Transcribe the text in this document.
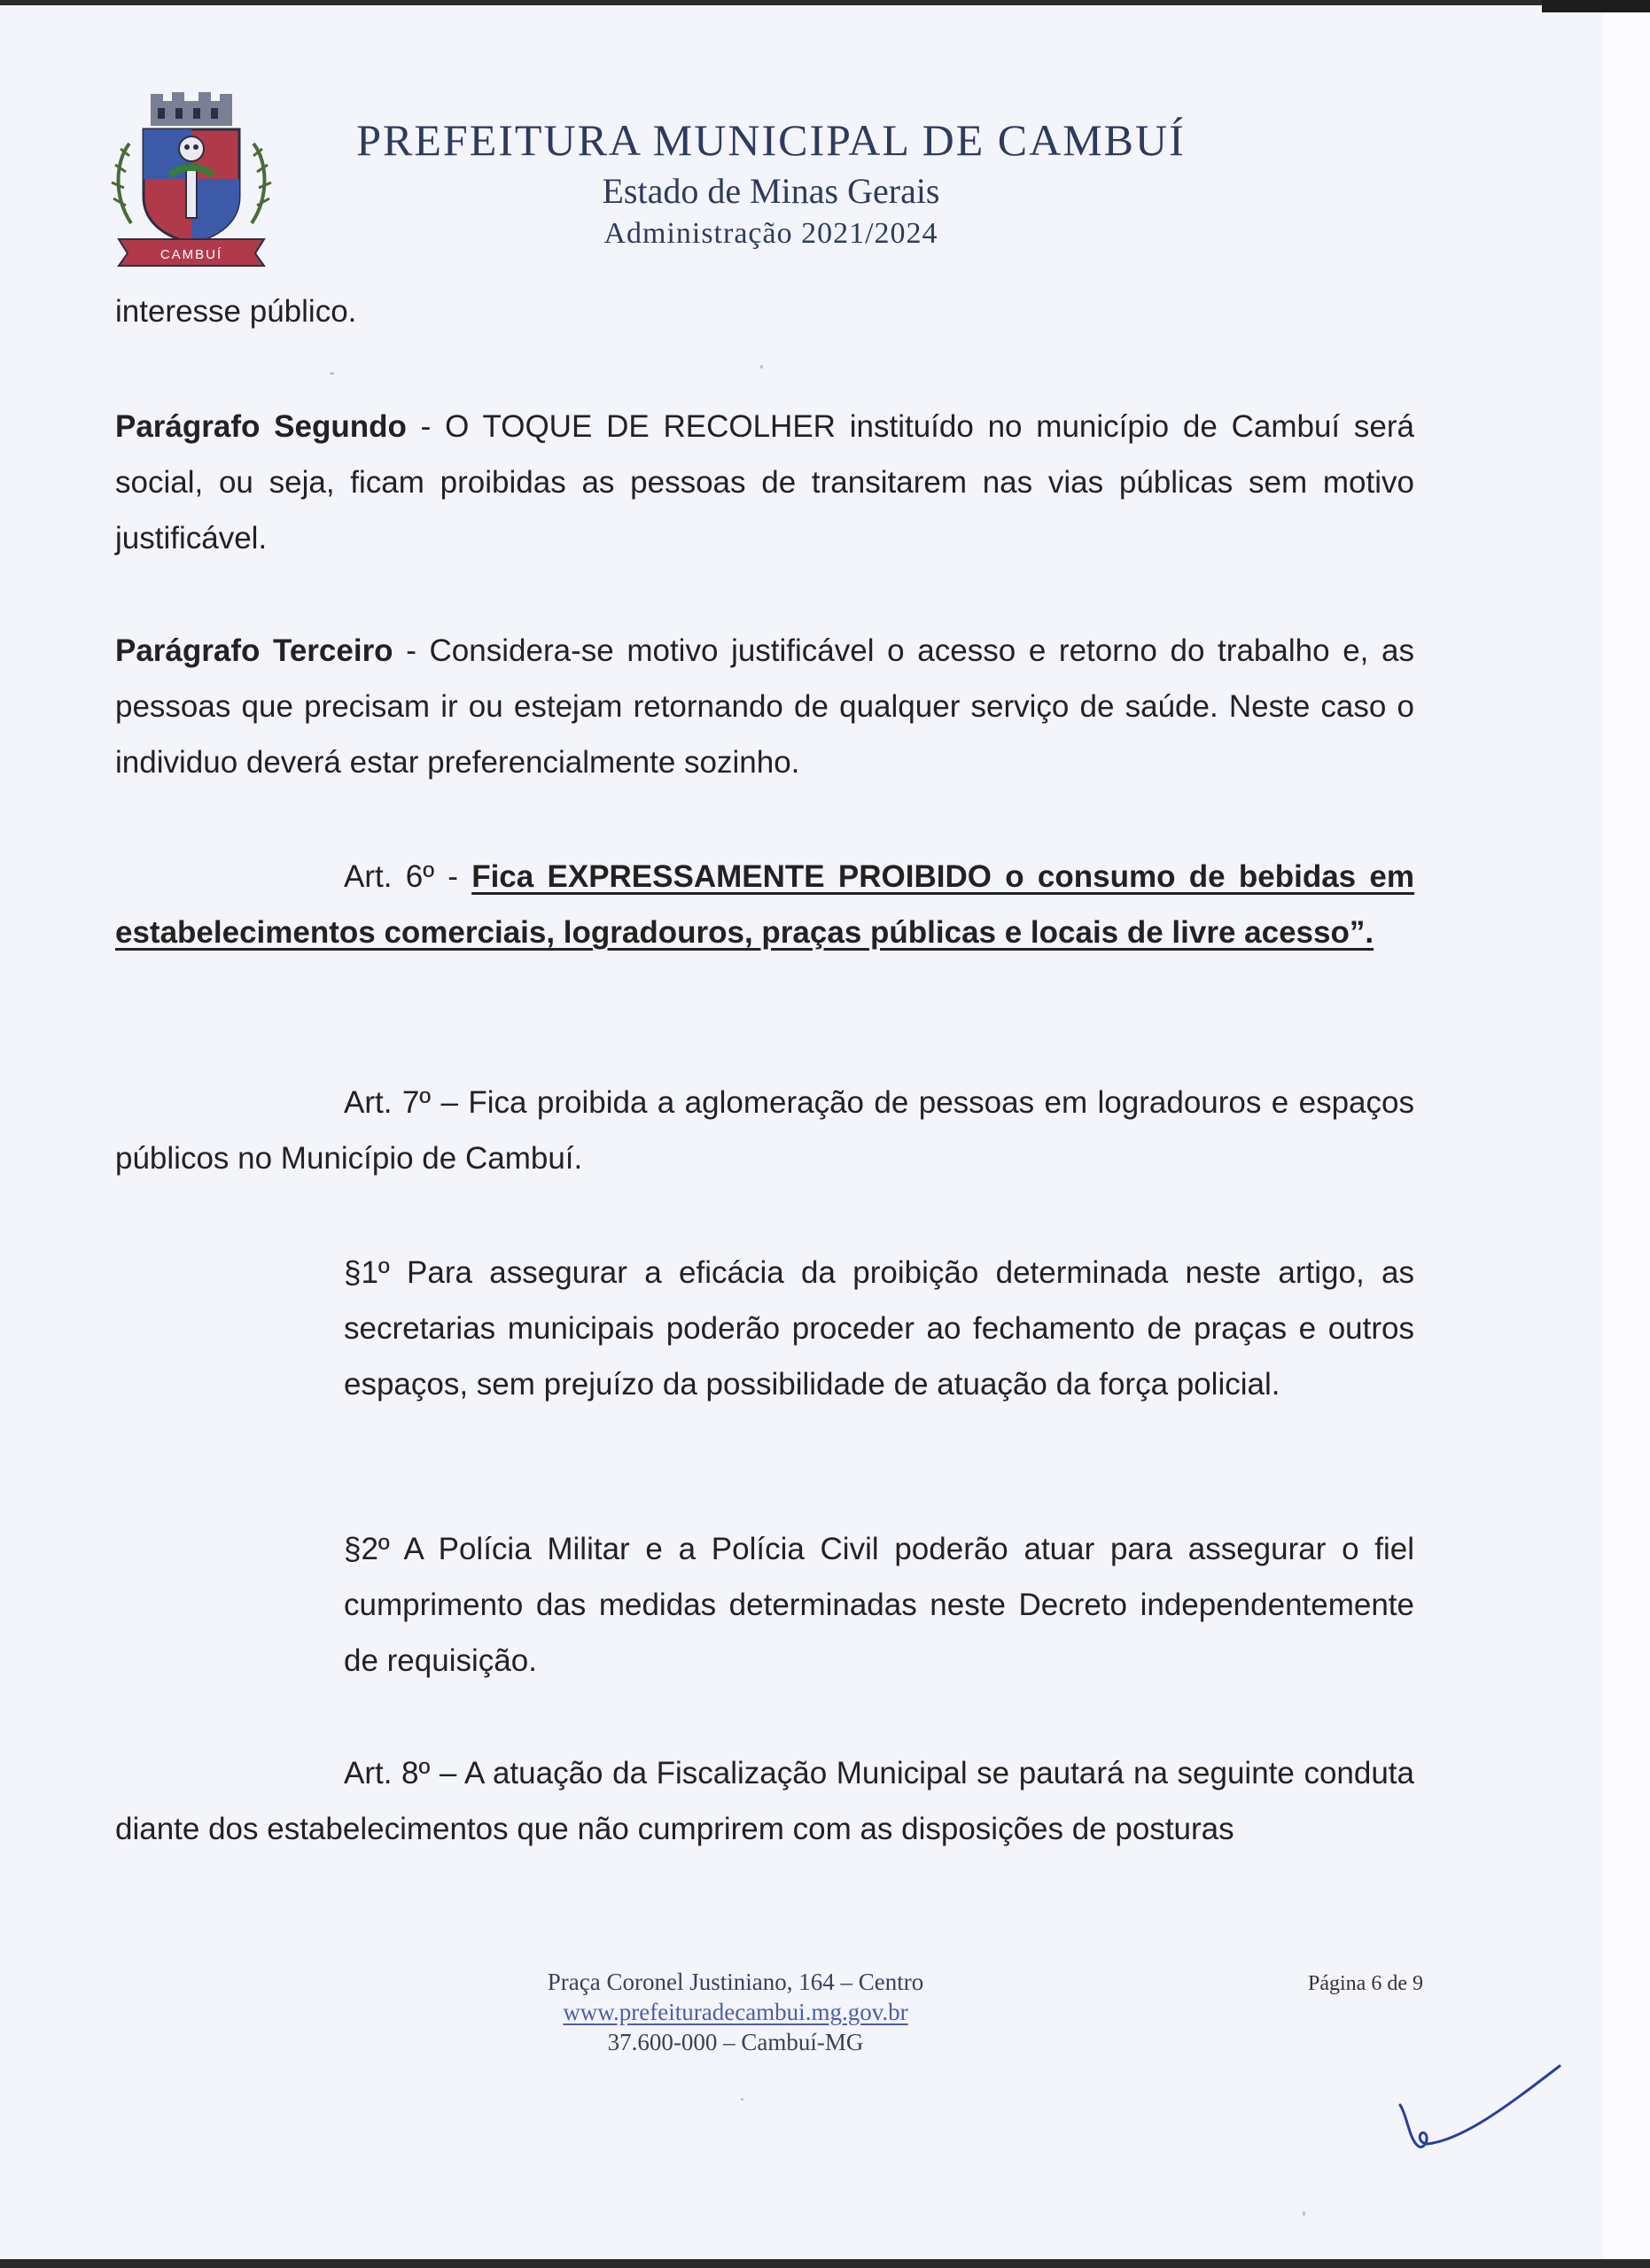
CAMBUÍ
PREFEITURA MUNICIPAL DE CAMBUÍ
Estado de Minas Gerais
Administração 2021/2024
interesse público.
Parágrafo Segundo - O TOQUE DE RECOLHER instituído no município de Cambuí será social, ou seja, ficam proibidas as pessoas de transitarem nas vias públicas sem motivo justificável.
Parágrafo Terceiro - Considera-se motivo justificável o acesso e retorno do trabalho e, as pessoas que precisam ir ou estejam retornando de qualquer serviço de saúde. Neste caso o individuo deverá estar preferencialmente sozinho.
Art. 6º - Fica EXPRESSAMENTE PROIBIDO o consumo de bebidas em estabelecimentos comerciais, logradouros, praças públicas e locais de livre acesso”.
Art. 7º – Fica proibida a aglomeração de pessoas em logradouros e espaços públicos no Município de Cambuí.
§1º Para assegurar a eficácia da proibição determinada neste artigo, as secretarias municipais poderão proceder ao fechamento de praças e outros espaços, sem prejuízo da possibilidade de atuação da força policial.
§2º A Polícia Militar e a Polícia Civil poderão atuar para assegurar o fiel cumprimento das medidas determinadas neste Decreto independentemente de requisição.
Art. 8º – A atuação da Fiscalização Municipal se pautará na seguinte conduta diante dos estabelecimentos que não cumprirem com as disposições de posturas
Praça Coronel Justiniano, 164 – Centro
www.prefeituradecambui.mg.gov.br
37.600-000 – Cambuí-MG
Página 6 de 9
